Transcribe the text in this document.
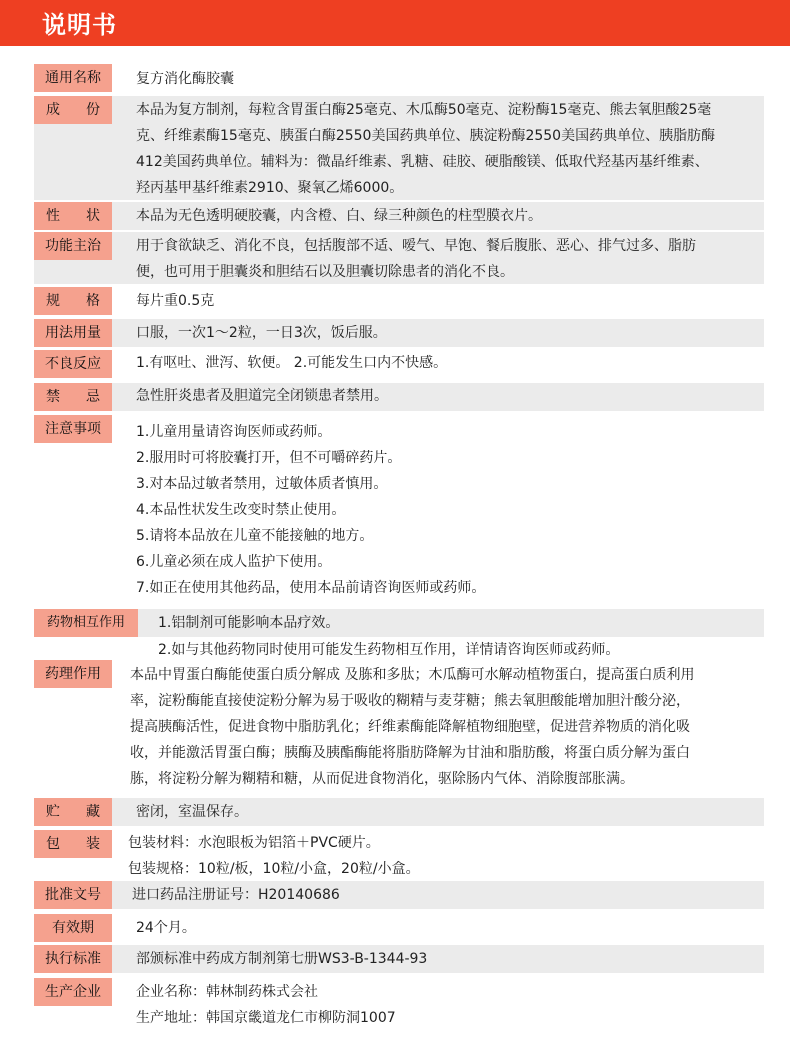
说明书
通用名称	复方消化酶胶囊
成 份	本品为复方制剂，每粒含胃蛋白酶25毫克、木瓜酶50毫克、淀粉酶15毫克、熊去氧胆酸25毫
克、纤维素酶15毫克、胰蛋白酶2550美国药典单位、胰淀粉酶2550美国药典单位、胰脂肪酶
412美国药典单位。辅料为：微晶纤维素、乳糖、硅胶、硬脂酸镁、低取代羟基丙基纤维素、
羟丙基甲基纤维素2910、聚氧乙烯6000。
性 状	本品为无色透明硬胶囊，内含橙、白、绿三种颜色的柱型膜衣片。
功能主治	用于食欲缺乏、消化不良，包括腹部不适、嗳气、早饱、餐后腹胀、恶心、排气过多、脂肪
便，也可用于胆囊炎和胆结石以及胆囊切除患者的消化不良。
规 格	每片重0.5克
用法用量	口服，一次1～2粒，一日3次，饭后服。
不良反应	1.有呕吐、泄泻、软便。 2.可能发生口内不快感。
禁 忌	急性肝炎患者及胆道完全闭锁患者禁用。
注意事项	1.儿童用量请咨询医师或药师。
2.服用时可将胶囊打开，但不可嚼碎药片。
3.对本品过敏者禁用，过敏体质者慎用。
4.本品性状发生改变时禁止使用。
5.请将本品放在儿童不能接触的地方。
6.儿童必须在成人监护下使用。
7.如正在使用其他药品，使用本品前请咨询医师或药师。
药物相互作用	1.铝制剂可能影响本品疗效。
2.如与其他药物同时使用可能发生药物相互作用，详情请咨询医师或药师。
药理作用	本品中胃蛋白酶能使蛋白质分解成 及胨和多肽；木瓜酶可水解动植物蛋白，提高蛋白质利用
率，淀粉酶能直接使淀粉分解为易于吸收的糊精与麦芽糖；熊去氧胆酸能增加胆汁酸分泌，
提高胰酶活性，促进食物中脂肪乳化；纤维素酶能降解植物细胞壁，促进营养物质的消化吸
收，并能激活胃蛋白酶；胰酶及胰酯酶能将脂肪降解为甘油和脂肪酸，将蛋白质分解为蛋白
胨，将淀粉分解为糊精和糖，从而促进食物消化，驱除肠内气体、消除腹部胀满。
贮 藏	密闭，室温保存。
包 装 包装材料：水泡眼板为铝箔＋PVC硬片。
包装规格：10粒/板，10粒/小盒，20粒/小盒。
批准文号	进口药品注册证号：H20140686
有效期	24个月。
执行标准	部颁标准中药成方制剂第七册WS3-B-1344-93
生产企业	企业名称：韩林制药株式会社
生产地址：韩国京畿道龙仁市柳防洞1007
